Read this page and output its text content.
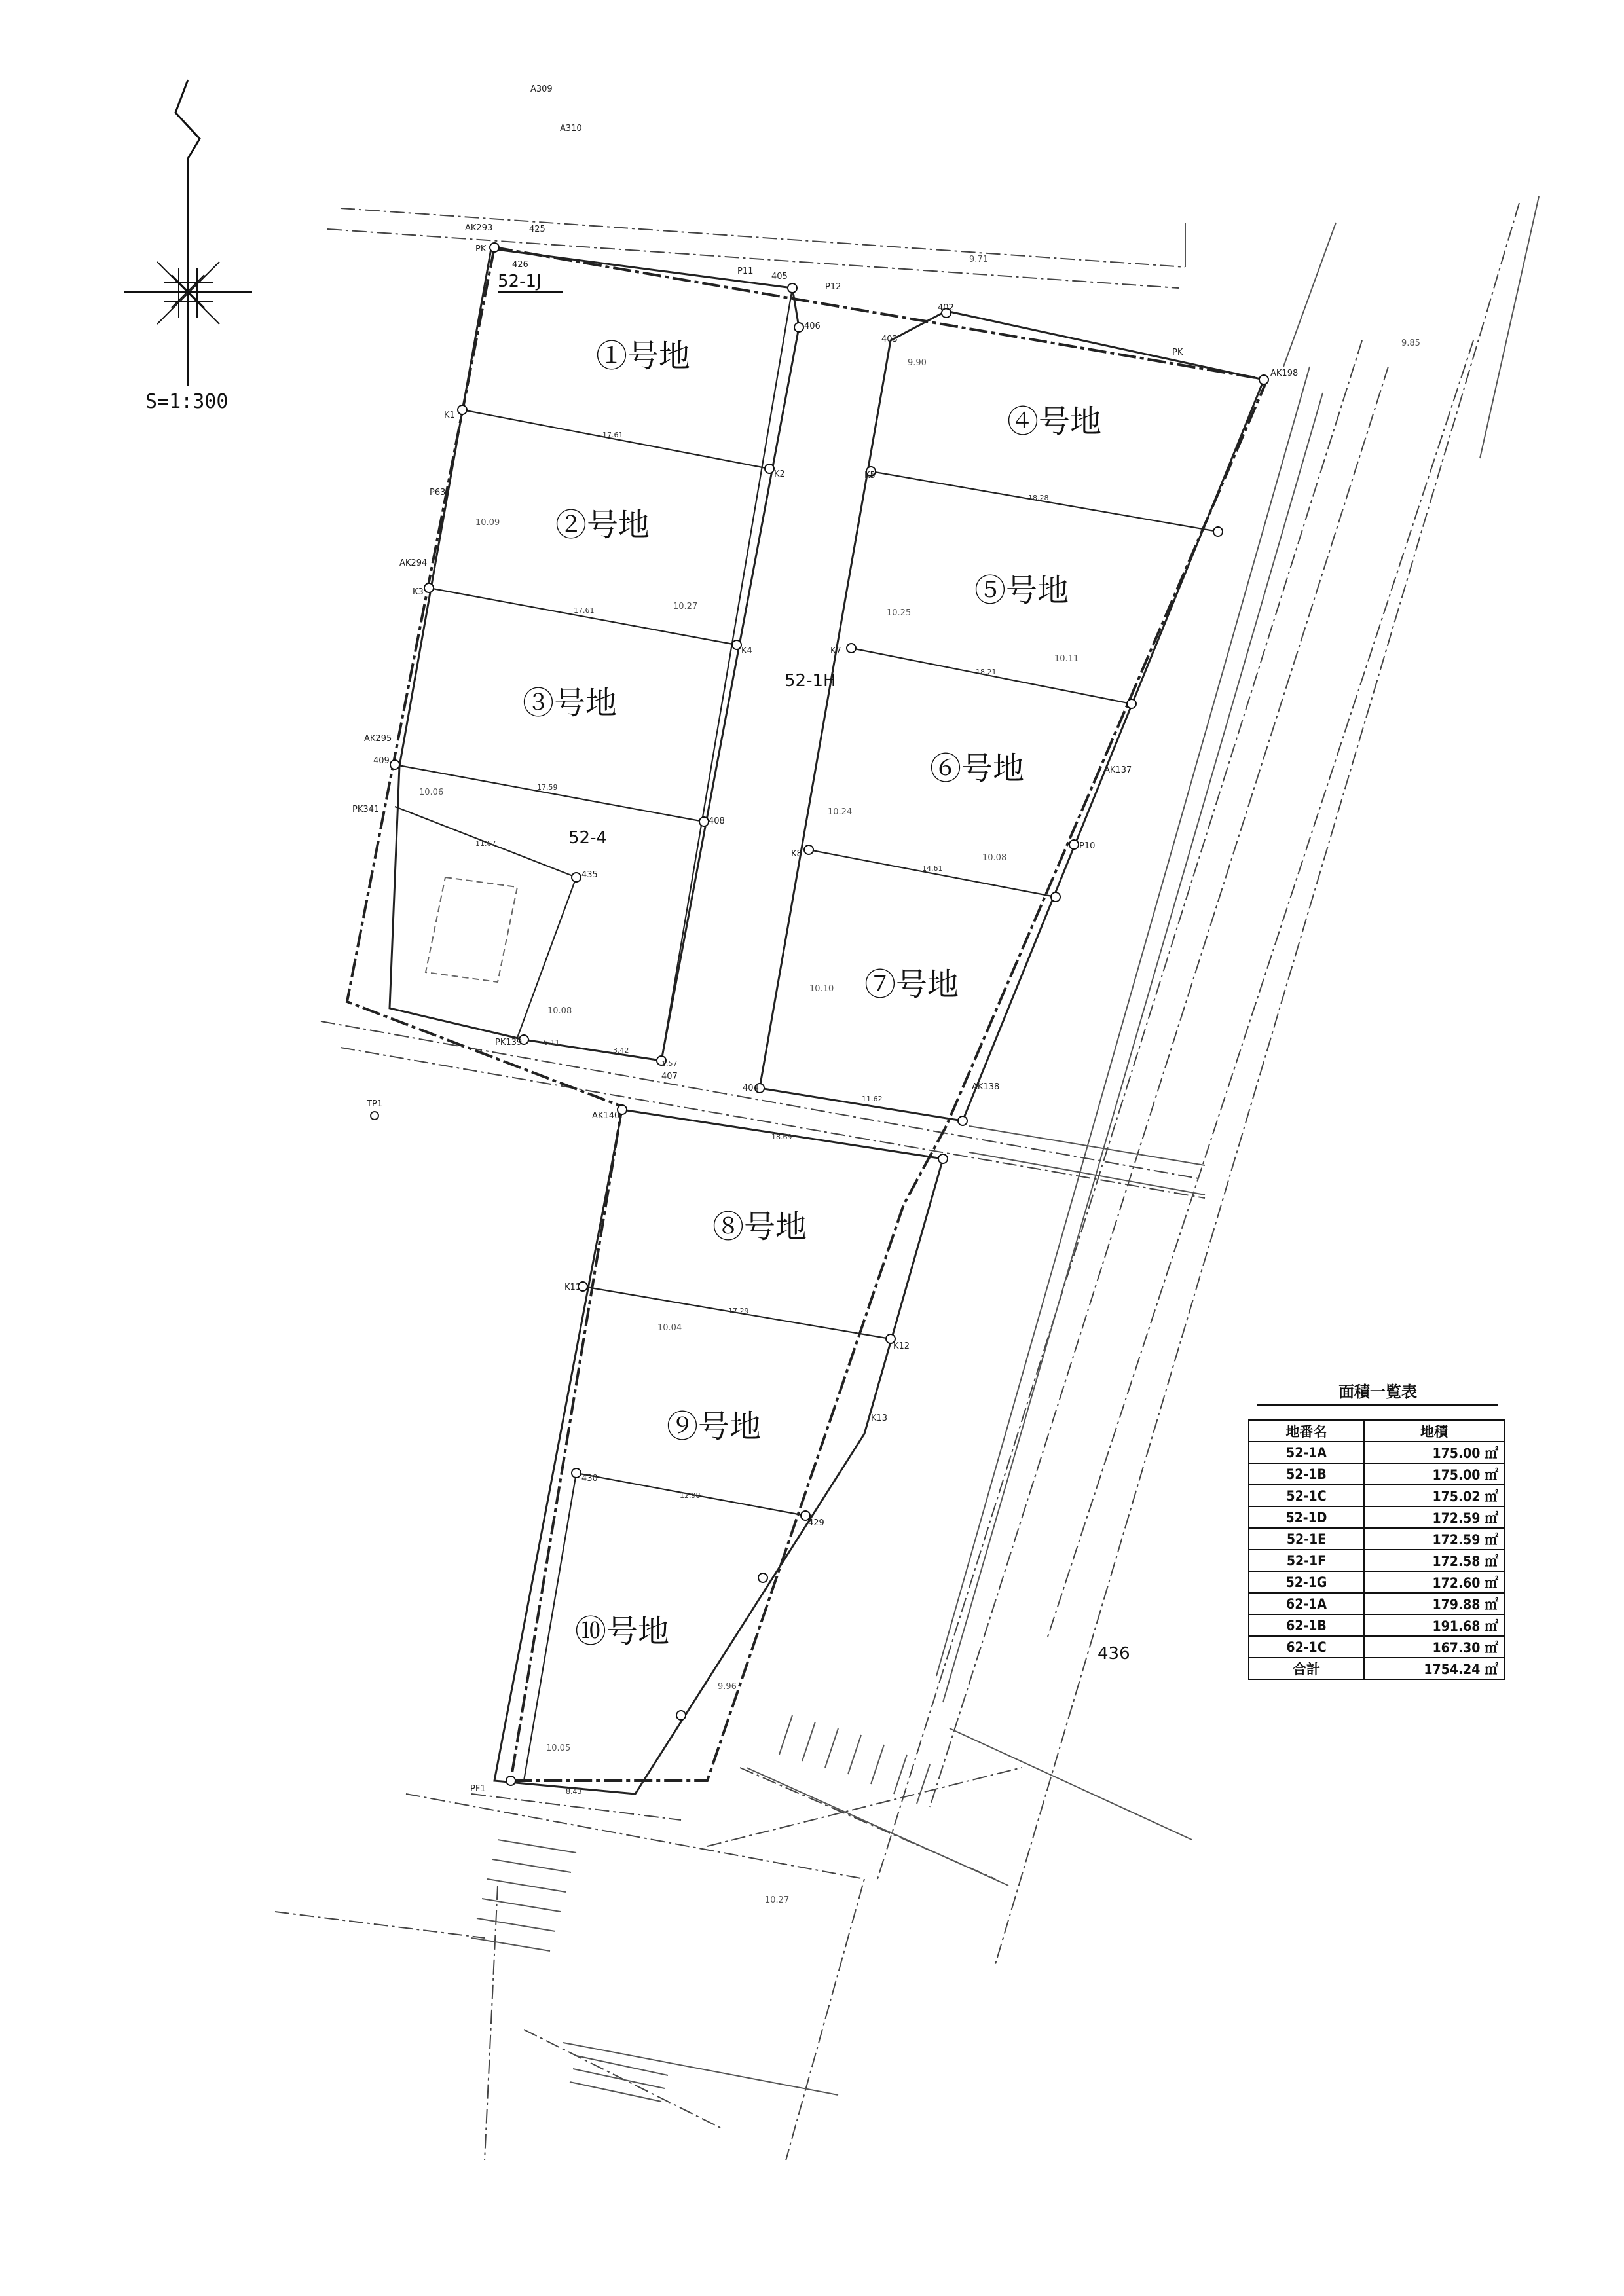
①号地
②号地
③号地
④号地
⑤号地
⑥号地
⑦号地
⑧号地
⑨号地
⑩号地
52-1J
52-1H
52-4
436
A309
A310
AK293
PK
PK
426
425
P11
405
P12
406
402
403
K1
K2
P63
AK294
K3
K4
K5
K7
K8
AK295
409
PK341
408
435
PK139
407
404
AK140
AK198
K11
K12
K13
430
429
PF1
AK137
AK138
P10
TP1
17.61
17.61
17.59
11.67
18.28
18.21
14.61
11.62
18.69
17.29
12.98
8.43
3.42
6.11
1.57
10.09
10.27
10.25
10.11
10.24
10.08
10.06
10.10
10.04
10.05
10.08
10.27
9.96
9.71
9.85
9.90
S=1:300
面積一覧表
地番名	地積
52-1A	175.00 ㎡
52-1B	175.00 ㎡
52-1C	175.02 ㎡
52-1D	172.59 ㎡
52-1E	172.59 ㎡
52-1F	172.58 ㎡
52-1G	172.60 ㎡
62-1A	179.88 ㎡
62-1B	191.68 ㎡
62-1C	167.30 ㎡
合計	1754.24 ㎡
